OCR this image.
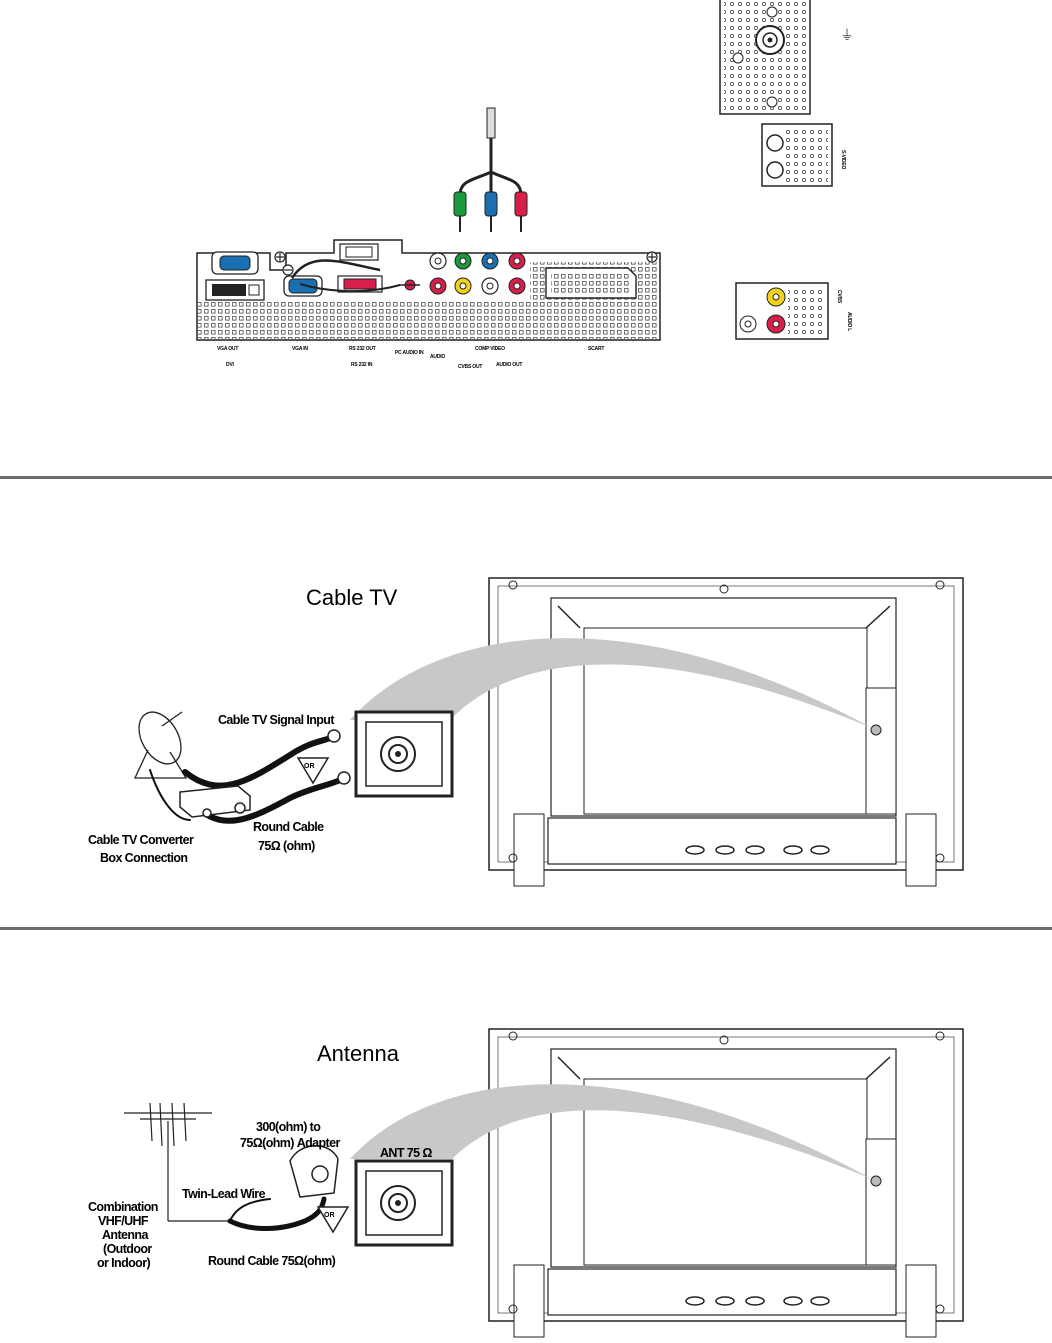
VGA OUT
DVI
VGA IN	RS 232 OUT
RS 232 IN
PC AUDIO IN
AUDIO
CVBS OUT
COMP VIDEO
AUDIO OUT
SCART
⏚
S-VIDEO
CVBS
AUDIO L
Cable TV
OR
Cable TV Signal Input
Cable TV Converter
Box Connection
Round Cable
75Ω (ohm)
Antenna
OR
300(ohm) to
75Ω(ohm) Adapter
ANT 75 Ω
Twin-Lead Wire
Combination
VHF/UHF
Antenna
(Outdoor
or Indoor)	Round Cable 75Ω(ohm)
